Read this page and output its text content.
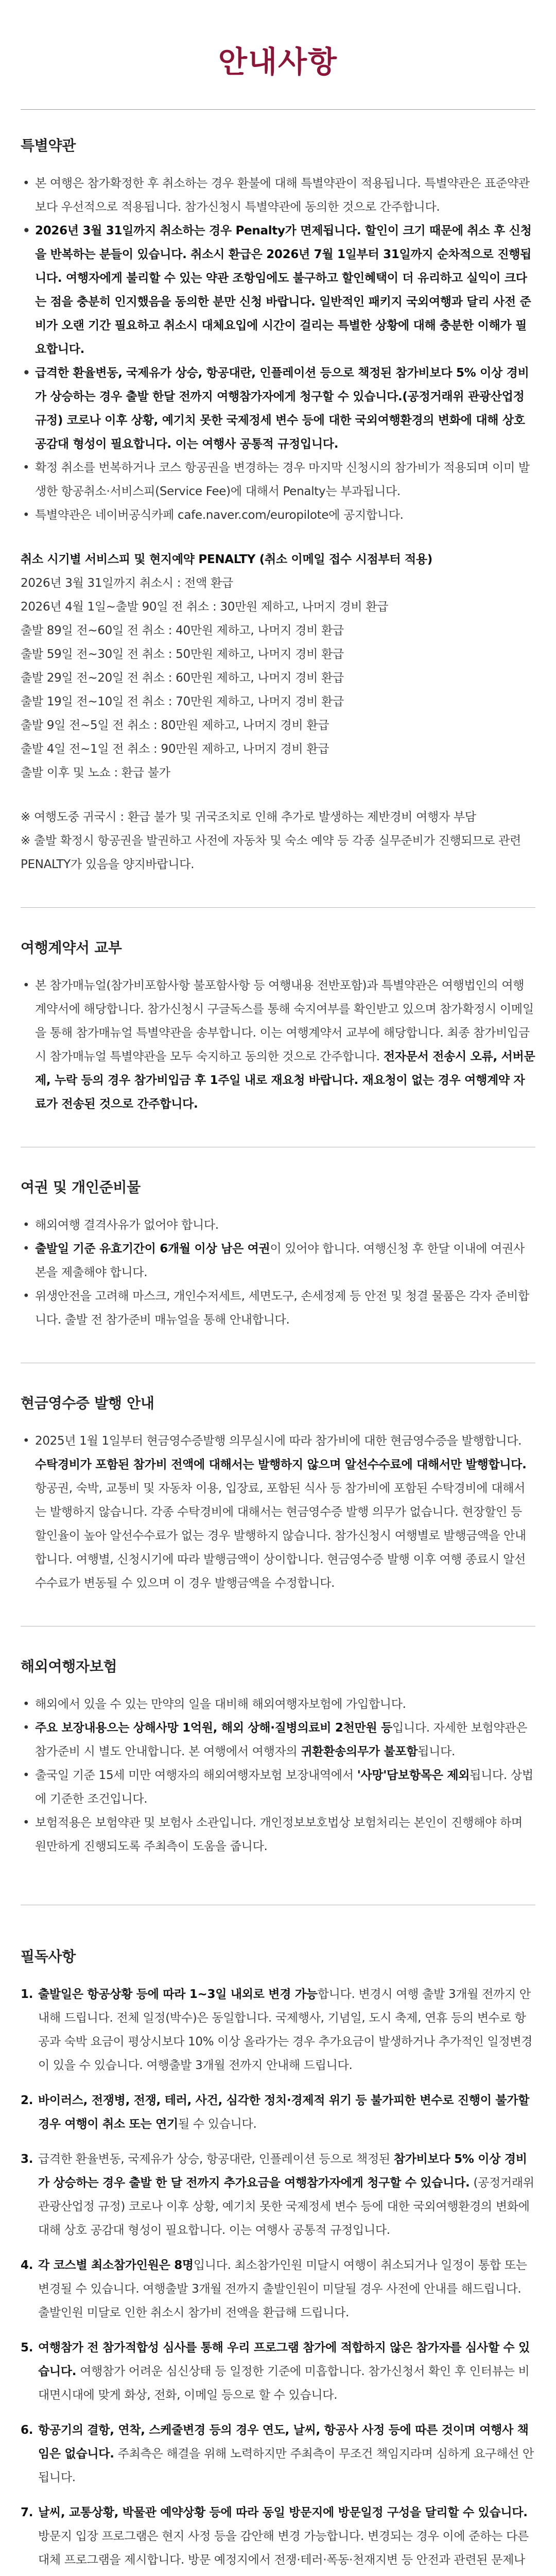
안내사항
특별약관
• 본 여행은 참가확정한 후 취소하는 경우 환불에 대해 특별약관이 적용됩니다. 특별약관은 표준약관보다 우선적으로 적용됩니다. 참가신청시 특별약관에 동의한 것으로 간주합니다.
• 2026년 3월 31일까지 취소하는 경우 Penalty가 면제됩니다. 할인이 크기 때문에 취소 후 신청을 반복하는 분들이 있습니다. 취소시 환급은 2026년 7월 1일부터 31일까지 순차적으로 진행됩니다. 여행자에게 불리할 수 있는 약관 조항임에도 불구하고 할인혜택이 더 유리하고 실익이 크다는 점을 충분히 인지했음을 동의한 분만 신청 바랍니다. 일반적인 패키지 국외여행과 달리 사전 준비가 오랜 기간 필요하고 취소시 대체요입에 시간이 걸리는 특별한 상황에 대해 충분한 이해가 필요합니다.
• 급격한 환율변동, 국제유가 상승, 항공대란, 인플레이션 등으로 책정된 참가비보다 5% 이상 경비가 상승하는 경우 출발 한달 전까지 여행참가자에게 청구할 수 있습니다.(공정거래위 관광산업정 규정) 코로나 이후 상황, 예기치 못한 국제정세 변수 등에 대한 국외여행환경의 변화에 대해 상호 공감대 형성이 필요합니다. 이는 여행사 공통적 규정입니다.
• 확정 취소를 번복하거나 코스 항공권을 변경하는 경우 마지막 신청시의 참가비가 적용되며 이미 발생한 항공취소·서비스피(Service Fee)에 대해서 Penalty는 부과됩니다.
• 특별약관은 네이버공식카페 cafe.naver.com/europilote에 공지합니다.
취소 시기별 서비스피 및 현지예약 PENALTY (취소 이메일 접수 시점부터 적용)
2026년 3월 31일까지 취소시 : 전액 환급
2026년 4월 1일~출발 90일 전 취소 : 30만원 제하고, 나머지 경비 환급
출발 89일 전~60일 전 취소 : 40만원 제하고, 나머지 경비 환급
출발 59일 전~30일 전 취소 : 50만원 제하고, 나머지 경비 환급
출발 29일 전~20일 전 취소 : 60만원 제하고, 나머지 경비 환급
출발 19일 전~10일 전 취소 : 70만원 제하고, 나머지 경비 환급
출발 9일 전~5일 전 취소 : 80만원 제하고, 나머지 경비 환급
출발 4일 전~1일 전 취소 : 90만원 제하고, 나머지 경비 환급
출발 이후 및 노쇼 : 환급 불가
※ 여행도중 귀국시 : 환급 불가 및 귀국조치로 인해 추가로 발생하는 제반경비 여행자 부담
※ 출발 확정시 항공권을 발권하고 사전에 자동차 및 숙소 예약 등 각종 실무준비가 진행되므로 관련 PENALTY가 있음을 양지바랍니다.
여행계약서 교부
• 본 참가매뉴얼(참가비포함사항 불포함사항 등 여행내용 전반포함)과 특별약관은 여행법인의 여행계약서에 해당합니다. 참가신청시 구글독스를 통해 숙지여부를 확인받고 있으며 참가확정시 이메일을 통해 참가매뉴얼 특별약관을 송부합니다. 이는 여행계약서 교부에 해당합니다. 최종 참가비입금시 참가매뉴얼 특별약관을 모두 숙지하고 동의한 것으로 간주합니다. 전자문서 전송시 오류, 서버문제, 누락 등의 경우 참가비입금 후 1주일 내로 재요청 바랍니다. 재요청이 없는 경우 여행계약 자료가 전송된 것으로 간주합니다.
여권 및 개인준비물
• 해외여행 결격사유가 없어야 합니다.
• 출발일 기준 유효기간이 6개월 이상 남은 여권이 있어야 합니다. 여행신청 후 한달 이내에 여권사본을 제출해야 합니다.
• 위생안전을 고려해 마스크, 개인수저세트, 세면도구, 손세정제 등 안전 및 청결 물품은 각자 준비합니다. 출발 전 참가준비 매뉴얼을 통해 안내합니다.
현금영수증 발행 안내
• 2025년 1월 1일부터 현금영수증발행 의무실시에 따라 참가비에 대한 현금영수증을 발행합니다. 수탁경비가 포함된 참가비 전액에 대해서는 발행하지 않으며 알선수수료에 대해서만 발행합니다. 항공권, 숙박, 교통비 및 자동차 이용, 입장료, 포함된 식사 등 참가비에 포함된 수탁경비에 대해서는 발행하지 않습니다. 각종 수탁경비에 대해서는 현금영수증 발행 의무가 없습니다. 현장할인 등 할인율이 높아 알선수수료가 없는 경우 발행하지 않습니다. 참가신청시 여행별로 발행금액을 안내합니다. 여행별, 신청시기에 따라 발행금액이 상이합니다. 현금영수증 발행 이후 여행 종료시 알선수수료가 변동될 수 있으며 이 경우 발행금액을 수정합니다.
해외여행자보험
• 해외에서 있을 수 있는 만약의 일을 대비해 해외여행자보험에 가입합니다.
• 주요 보장내용으는 상해사망 1억원, 해외 상해·질병의료비 2천만원 등입니다. 자세한 보험약관은 참가준비 시 별도 안내합니다. 본 여행에서 여행자의 귀환환송의무가 불포함됩니다.
• 출국일 기준 15세 미만 여행자의 해외여행자보험 보장내역에서 '사망'담보항목은 제외됩니다. 상법에 기준한 조건입니다.
• 보험적용은 보험약관 및 보험사 소관입니다. 개인정보보호법상 보험처리는 본인이 진행해야 하며 원만하게 진행되도록 주최측이 도움을 줍니다.
필독사항
1. 출발일은 항공상황 등에 따라 1~3일 내외로 변경 가능합니다. 변경시 여행 출발 3개월 전까지 안내해 드립니다. 전체 일정(박수)은 동일합니다. 국제행사, 기념일, 도시 축제, 연휴 등의 변수로 항공과 숙박 요금이 평상시보다 10% 이상 올라가는 경우 추가요금이 발생하거나 추가적인 일정변경이 있을 수 있습니다. 여행출발 3개월 전까지 안내해 드립니다.
2. 바이러스, 전쟁병, 전쟁, 테러, 사건, 심각한 정치·경제적 위기 등 불가피한 변수로 진행이 불가할 경우 여행이 취소 또는 연기될 수 있습니다.
3. 급격한 환율변동, 국제유가 상승, 항공대란, 인플레이션 등으로 책정된 참가비보다 5% 이상 경비가 상승하는 경우 출발 한 달 전까지 추가요금을 여행참가자에게 청구할 수 있습니다. (공정거래위 관광산업정 규정) 코로나 이후 상황, 예기치 못한 국제정세 변수 등에 대한 국외여행환경의 변화에 대해 상호 공감대 형성이 필요합니다. 이는 여행사 공통적 규정입니다.
4. 각 코스별 최소참가인원은 8명입니다. 최소참가인원 미달시 여행이 취소되거나 일정이 통합 또는 변경될 수 있습니다. 여행출발 3개월 전까지 출발인원이 미달될 경우 사전에 안내를 해드립니다. 출발인원 미달로 인한 취소시 참가비 전액을 환급해 드립니다.
5. 여행참가 전 참가적합성 심사를 통해 우리 프로그램 참가에 적합하지 않은 참가자를 심사할 수 있습니다. 여행참가 어려운 심신상태 등 일정한 기준에 미흡합니다. 참가신청서 확인 후 인터뷰는 비대면시대에 맞게 화상, 전화, 이메일 등으로 할 수 있습니다.
6. 항공기의 결항, 연착, 스케줄변경 등의 경우 연도, 날씨, 항공사 사정 등에 따른 것이며 여행사 책임은 없습니다. 주최측은 해결을 위해 노력하지만 주최측이 무조건 책임지라며 심하게 요구해선 안됩니다.
7. 날씨, 교통상황, 박물관 예약상황 등에 따라 동일 방문지에 방문일정 구성을 달리할 수 있습니다. 방문지 입장 프로그램은 현지 사정 등을 감안해 변경 가능합니다. 변경되는 경우 이에 준하는 다른 대체 프로그램을 제시합니다. 방문 예정지에서 전쟁·테러·폭동·천재지변 등 안전과 관련된 문제나
